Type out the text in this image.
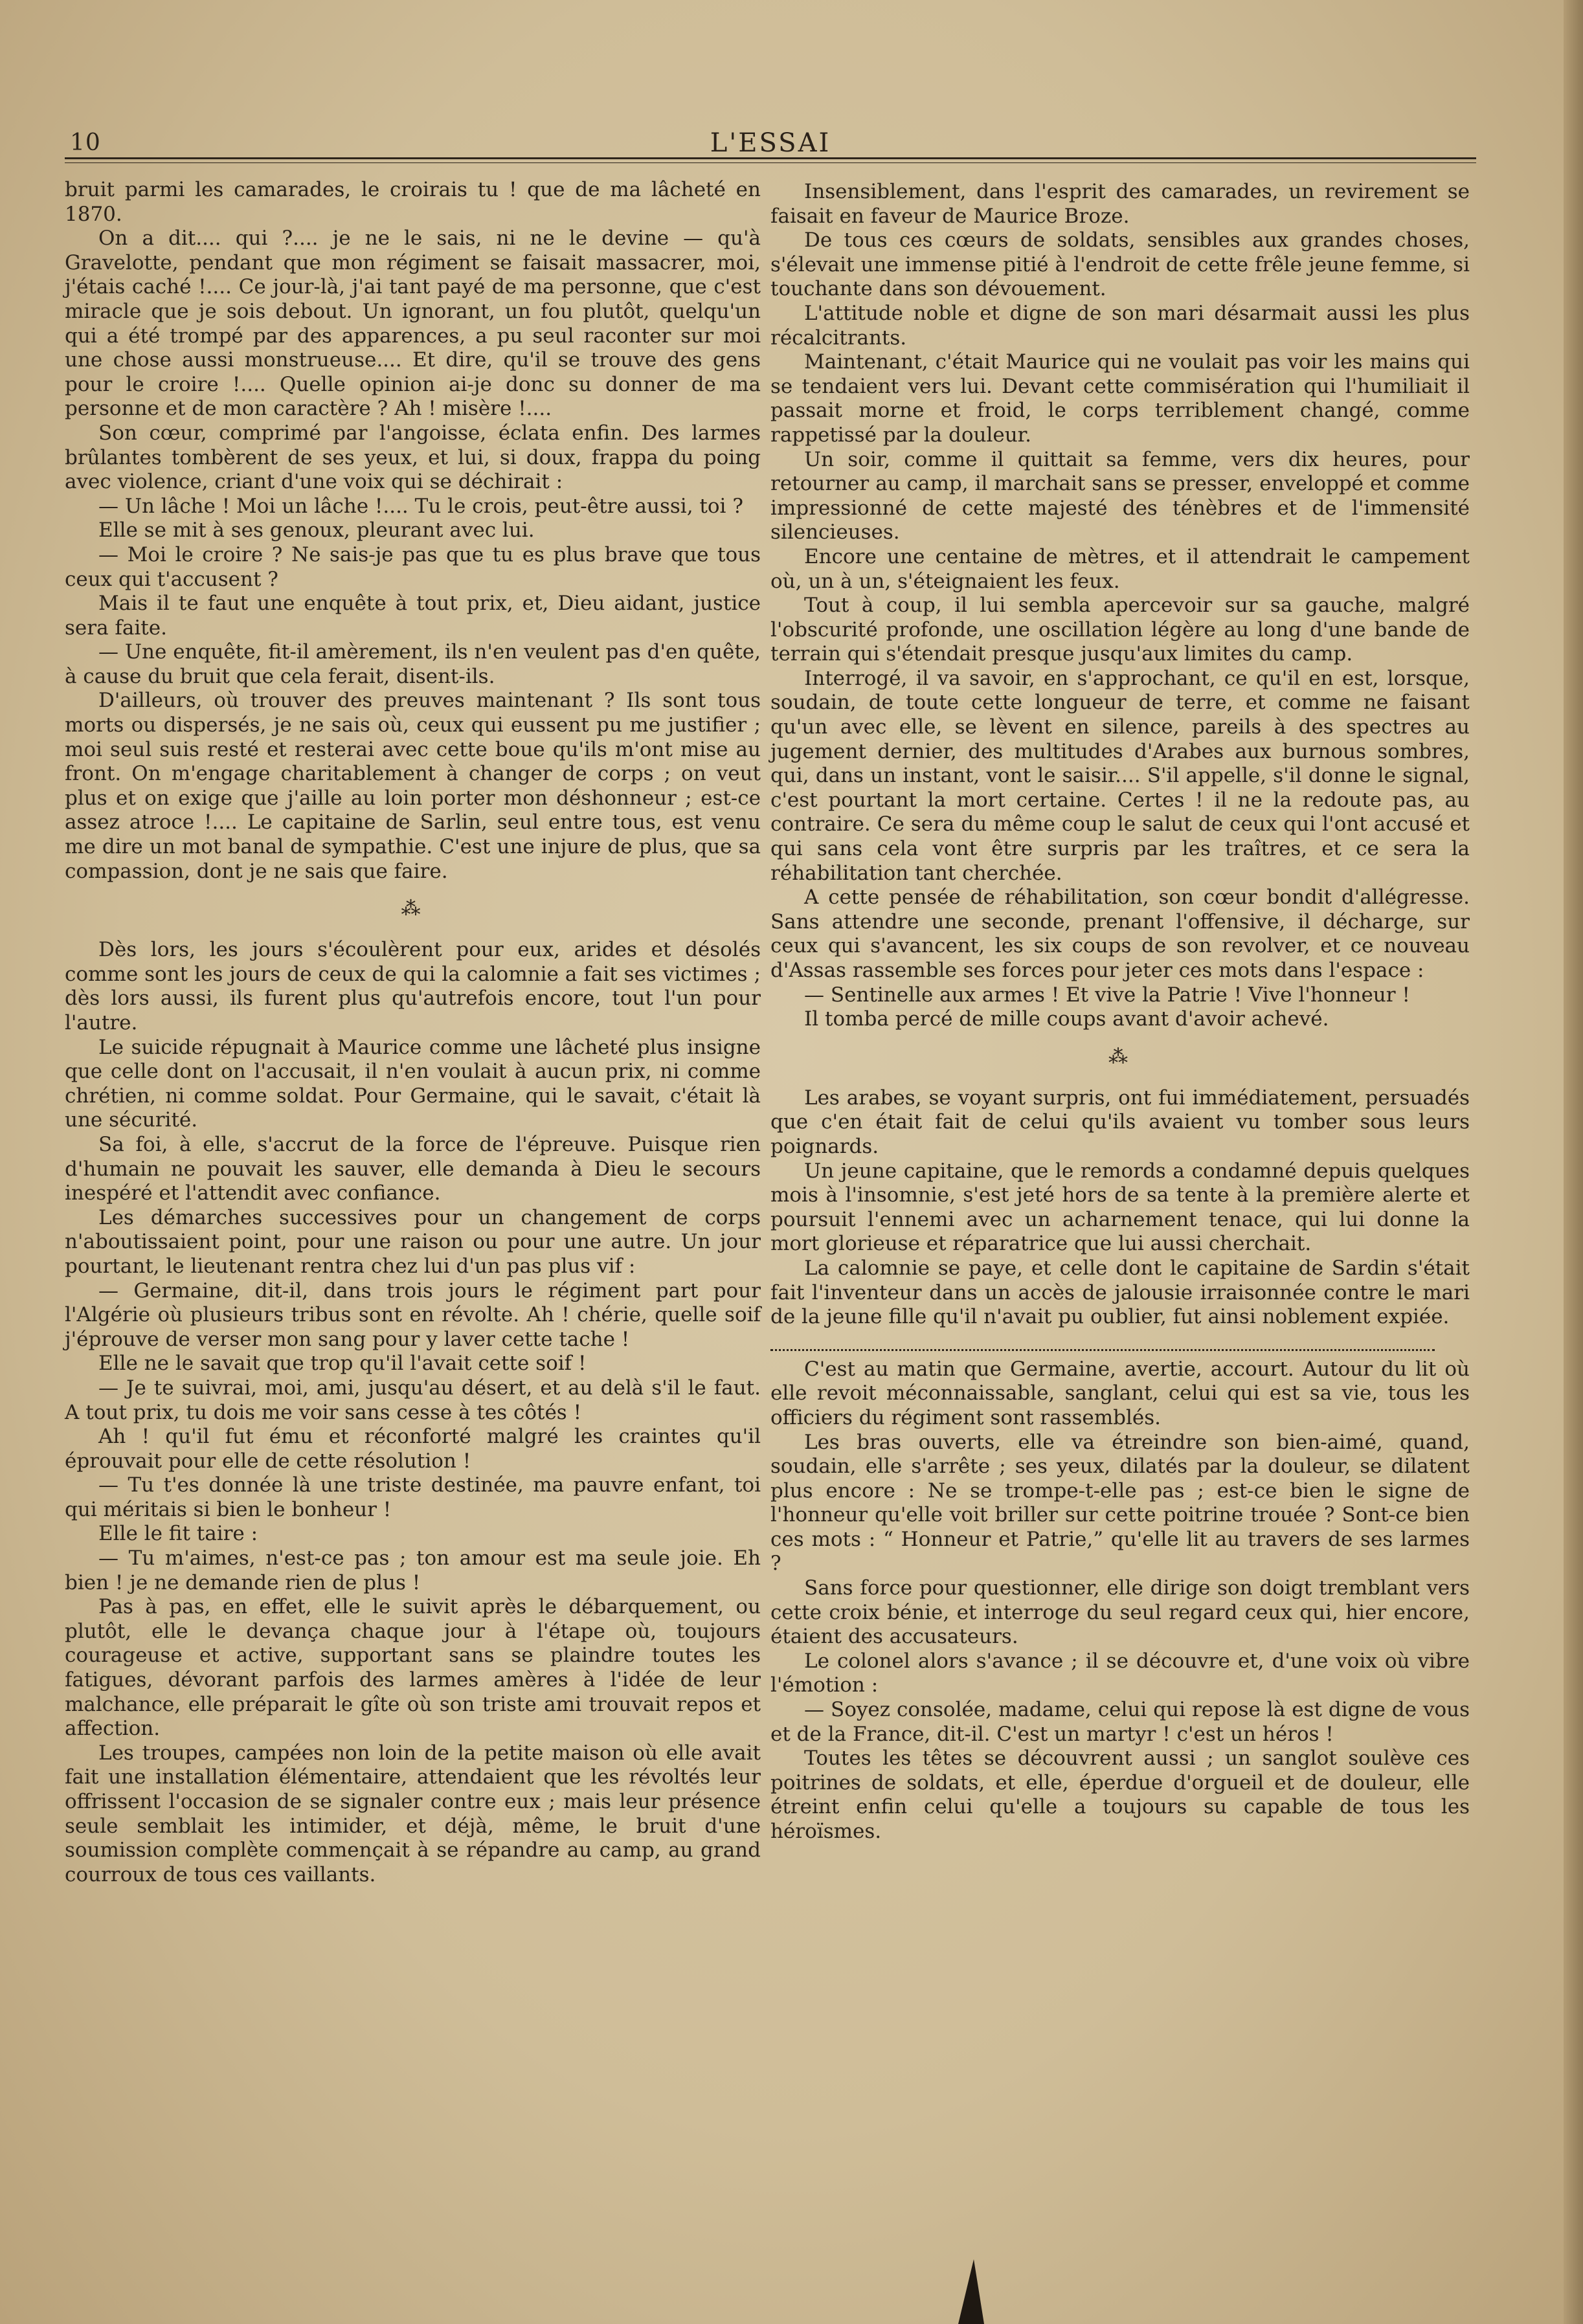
10	L'ESSAI

bruit parmi les camarades, le croirais tu ! que de ma lâcheté en 1870.

On a dit.... qui ?.... je ne le sais, ni ne le devine — qu'à Gravelotte, pendant que mon régiment se faisait massacrer, moi, j'étais caché !.... Ce jour-là, j'ai tant payé de ma personne, que c'est miracle que je sois debout. Un ignorant, un fou plutôt, quelqu'un qui a été trompé par des apparences, a pu seul raconter sur moi une chose aussi monstrueuse.... Et dire, qu'il se trouve des gens pour le croire !.... Quelle opinion ai-je donc su donner de ma personne et de mon caractère ? Ah ! misère !....

Son cœur, comprimé par l'angoisse, éclata enfin. Des larmes brûlantes tombèrent de ses yeux, et lui, si doux, frappa du poing avec violence, criant d'une voix qui se déchirait :

— Un lâche ! Moi un lâche !.... Tu le crois, peut-être aussi, toi ?

Elle se mit à ses genoux, pleurant avec lui.

— Moi le croire ? Ne sais-je pas que tu es plus brave que tous ceux qui t'accusent ?

Mais il te faut une enquête à tout prix, et, Dieu aidant, justice sera faite.

— Une enquête, fit-il amèrement, ils n'en veulent pas d'en quête, à cause du bruit que cela ferait, disent-ils.

D'ailleurs, où trouver des preuves maintenant ? Ils sont tous morts ou dispersés, je ne sais où, ceux qui eussent pu me justifier ; moi seul suis resté et resterai avec cette boue qu'ils m'ont mise au front. On m'engage charitablement à changer de corps ; on veut plus et on exige que j'aille au loin porter mon déshonneur ; est-ce assez atroce !.... Le capitaine de Sarlin, seul entre tous, est venu me dire un mot banal de sympathie. C'est une injure de plus, que sa compassion, dont je ne sais que faire.

⁂

Dès lors, les jours s'écoulèrent pour eux, arides et désolés comme sont les jours de ceux de qui la calomnie a fait ses victimes ; dès lors aussi, ils furent plus qu'autrefois encore, tout l'un pour l'autre.

Le suicide répugnait à Maurice comme une lâcheté plus insigne que celle dont on l'accusait, il n'en voulait à aucun prix, ni comme chrétien, ni comme soldat. Pour Germaine, qui le savait, c'était là une sécurité.

Sa foi, à elle, s'accrut de la force de l'épreuve. Puisque rien d'humain ne pouvait les sauver, elle demanda à Dieu le secours inespéré et l'attendit avec confiance.

Les démarches successives pour un changement de corps n'aboutissaient point, pour une raison ou pour une autre. Un jour pourtant, le lieutenant rentra chez lui d'un pas plus vif :

— Germaine, dit-il, dans trois jours le régiment part pour l'Algérie où plusieurs tribus sont en révolte. Ah ! chérie, quelle soif j'éprouve de verser mon sang pour y laver cette tache !

Elle ne le savait que trop qu'il l'avait cette soif !

— Je te suivrai, moi, ami, jusqu'au désert, et au delà s'il le faut. A tout prix, tu dois me voir sans cesse à tes côtés !

Ah ! qu'il fut ému et réconforté malgré les craintes qu'il éprouvait pour elle de cette résolution !

— Tu t'es donnée là une triste destinée, ma pauvre enfant, toi qui méritais si bien le bonheur !

Elle le fit taire :

— Tu m'aimes, n'est-ce pas ; ton amour est ma seule joie. Eh bien ! je ne demande rien de plus !

Pas à pas, en effet, elle le suivit après le débarquement, ou plutôt, elle le devança chaque jour à l'étape où, toujours courageuse et active, supportant sans se plaindre toutes les fatigues, dévorant parfois des larmes amères à l'idée de leur malchance, elle préparait le gîte où son triste ami trouvait repos et affection.

Les troupes, campées non loin de la petite maison où elle avait fait une installation élémentaire, attendaient que les révoltés leur offrissent l'occasion de se signaler contre eux ; mais leur présence seule semblait les intimider, et déjà, même, le bruit d'une soumission complète commençait à se répandre au camp, au grand courroux de tous ces vaillants.

Insensiblement, dans l'esprit des camarades, un revirement se faisait en faveur de Maurice Broze.

De tous ces cœurs de soldats, sensibles aux grandes choses, s'élevait une immense pitié à l'endroit de cette frêle jeune femme, si touchante dans son dévouement.

L'attitude noble et digne de son mari désarmait aussi les plus récalcitrants.

Maintenant, c'était Maurice qui ne voulait pas voir les mains qui se tendaient vers lui. Devant cette commisération qui l'humiliait il passait morne et froid, le corps terriblement changé, comme rappetissé par la douleur.

Un soir, comme il quittait sa femme, vers dix heures, pour retourner au camp, il marchait sans se presser, enveloppé et comme impressionné de cette majesté des ténèbres et de l'immensité silencieuses.

Encore une centaine de mètres, et il attendrait le campement où, un à un, s'éteignaient les feux.

Tout à coup, il lui sembla apercevoir sur sa gauche, malgré l'obscurité profonde, une oscillation légère au long d'une bande de terrain qui s'étendait presque jusqu'aux limites du camp.

Interrogé, il va savoir, en s'approchant, ce qu'il en est, lorsque, soudain, de toute cette longueur de terre, et comme ne faisant qu'un avec elle, se lèvent en silence, pareils à des spectres au jugement dernier, des multitudes d'Arabes aux burnous sombres, qui, dans un instant, vont le saisir.... S'il appelle, s'il donne le signal, c'est pourtant la mort certaine. Certes ! il ne la redoute pas, au contraire. Ce sera du même coup le salut de ceux qui l'ont accusé et qui sans cela vont être surpris par les traîtres, et ce sera la réhabilitation tant cherchée.

A cette pensée de réhabilitation, son cœur bondit d'allégresse. Sans attendre une seconde, prenant l'offensive, il décharge, sur ceux qui s'avancent, les six coups de son revolver, et ce nouveau d'Assas rassemble ses forces pour jeter ces mots dans l'espace :

— Sentinelle aux armes ! Et vive la Patrie ! Vive l'honneur !

Il tomba percé de mille coups avant d'avoir achevé.

⁂

Les arabes, se voyant surpris, ont fui immédiatement, persuadés que c'en était fait de celui qu'ils avaient vu tomber sous leurs poignards.

Un jeune capitaine, que le remords a condamné depuis quelques mois à l'insomnie, s'est jeté hors de sa tente à la première alerte et poursuit l'ennemi avec un acharnement tenace, qui lui donne la mort glorieuse et réparatrice que lui aussi cherchait.

La calomnie se paye, et celle dont le capitaine de Sardin s'était fait l'inventeur dans un accès de jalousie irraisonnée contre le mari de la jeune fille qu'il n'avait pu oublier, fut ainsi noblement expiée.

C'est au matin que Germaine, avertie, accourt. Autour du lit où elle revoit méconnaissable, sanglant, celui qui est sa vie, tous les officiers du régiment sont rassemblés.

Les bras ouverts, elle va étreindre son bien-aimé, quand, soudain, elle s'arrête ; ses yeux, dilatés par la douleur, se dilatent plus encore : Ne se trompe-t-elle pas ; est-ce bien le signe de l'honneur qu'elle voit briller sur cette poitrine trouée ? Sont-ce bien ces mots : “ Honneur et Patrie,” qu'elle lit au travers de ses larmes ?

Sans force pour questionner, elle dirige son doigt tremblant vers cette croix bénie, et interroge du seul regard ceux qui, hier encore, étaient des accusateurs.

Le colonel alors s'avance ; il se découvre et, d'une voix où vibre l'émotion :

— Soyez consolée, madame, celui qui repose là est digne de vous et de la France, dit-il. C'est un martyr ! c'est un héros !

Toutes les têtes se découvrent aussi ; un sanglot soulève ces poitrines de soldats, et elle, éperdue d'orgueil et de douleur, elle étreint enfin celui qu'elle a toujours su capable de tous les héroïsmes.
